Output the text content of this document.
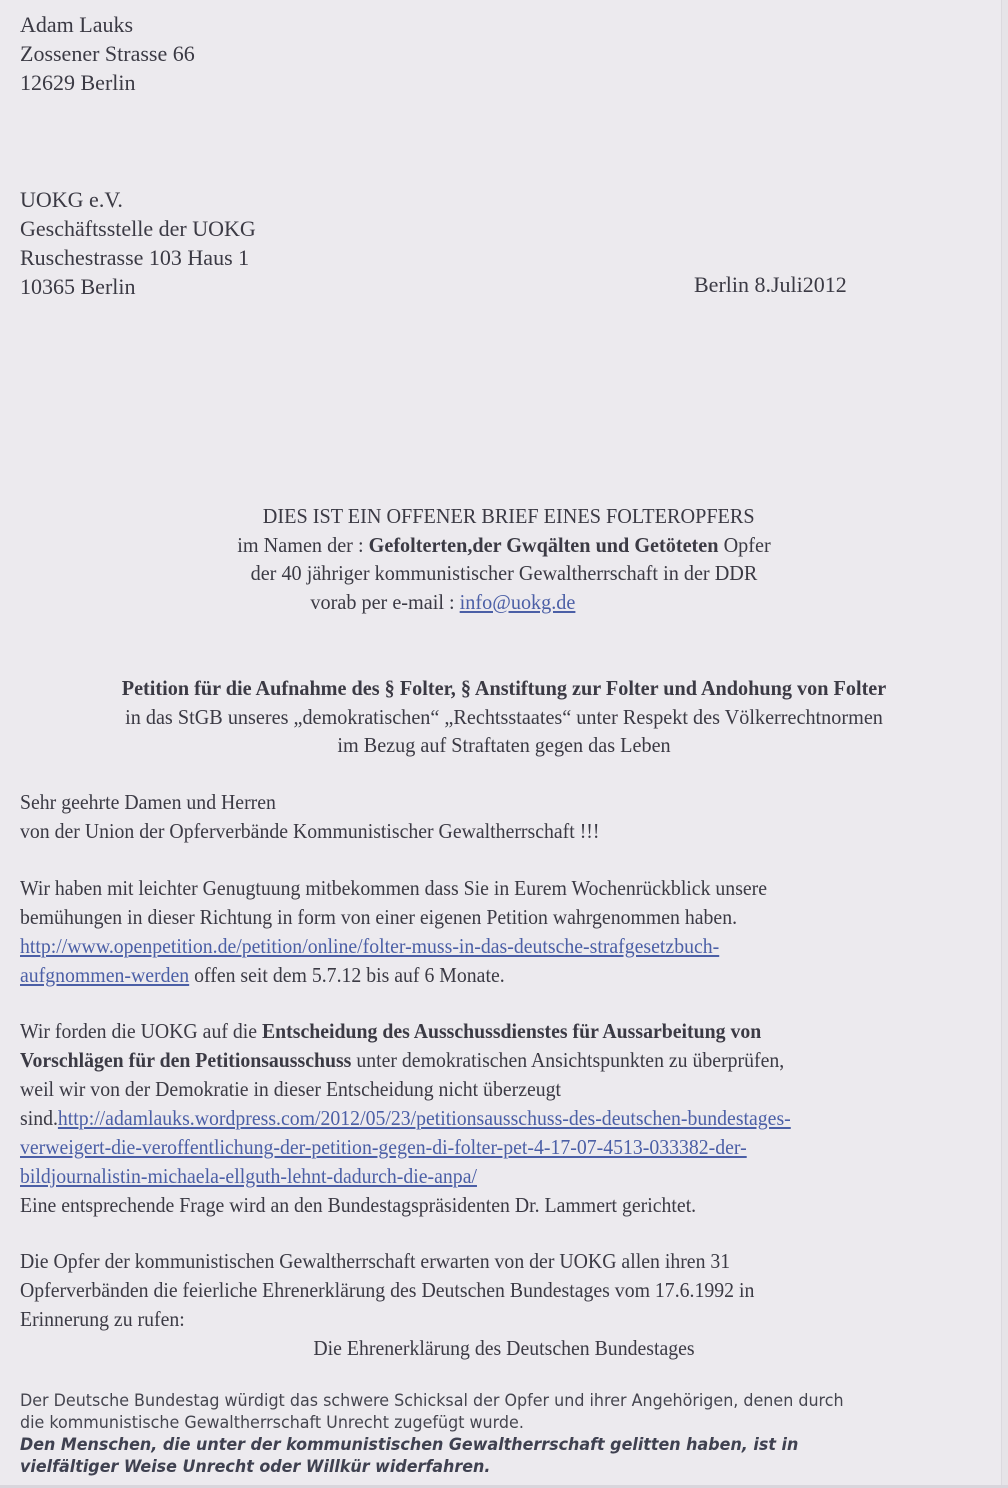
Adam Lauks
Zossener Strasse 66
12629 Berlin
UOKG e.V.
Geschäftsstelle der UOKG
Ruschestrasse 103 Haus 1
10365 Berlin	Berlin 8.Juli2012
DIES IST EIN OFFENER BRIEF EINES FOLTEROPFERS
im Namen der : Gefolterten,der Gwqälten und Getöteten Opfer
der 40 jähriger kommunistischer Gewaltherrschaft in der DDR
vorab per e-mail : info@uokg.de
Petition für die Aufnahme des § Folter, § Anstiftung zur Folter und Andohung von Folter
in das StGB unseres „demokratischen“ „Rechtsstaates“ unter Respekt des Völkerrechtnormen
im Bezug auf Straftaten gegen das Leben
Sehr geehrte Damen und Herren
von der Union der Opferverbände Kommunistischer Gewaltherrschaft !!!
Wir haben mit leichter Genugtuung mitbekommen dass Sie in Eurem Wochenrückblick unsere
bemühungen in dieser Richtung in form von einer eigenen Petition wahrgenommen haben.
http://www.openpetition.de/petition/online/folter-muss-in-das-deutsche-strafgesetzbuch-
aufgnommen-werden offen seit dem 5.7.12 bis auf 6 Monate.
Wir forden die UOKG auf die Entscheidung des Ausschussdienstes für Aussarbeitung von
Vorschlägen für den Petitionsausschuss unter demokratischen Ansichtspunkten zu überprüfen,
weil wir von der Demokratie in dieser Entscheidung nicht überzeugt
sind.http://adamlauks.wordpress.com/2012/05/23/petitionsausschuss-des-deutschen-bundestages-
verweigert-die-veroffentlichung-der-petition-gegen-di-folter-pet-4-17-07-4513-033382-der-
bildjournalistin-michaela-ellguth-lehnt-dadurch-die-anpa/
Eine entsprechende Frage wird an den Bundestagspräsidenten Dr. Lammert gerichtet.
Die Opfer der kommunistischen Gewaltherrschaft erwarten von der UOKG allen ihren 31
Opferverbänden die feierliche Ehrenerklärung des Deutschen Bundestages vom 17.6.1992 in
Erinnerung zu rufen:
Die Ehrenerklärung des Deutschen Bundestages
Der Deutsche Bundestag würdigt das schwere Schicksal der Opfer und ihrer Angehörigen, denen durch
die kommunistische Gewaltherrschaft Unrecht zugefügt wurde.
Den Menschen, die unter der kommunistischen Gewaltherrschaft gelitten haben, ist in
vielfältiger Weise Unrecht oder Willkür widerfahren.
